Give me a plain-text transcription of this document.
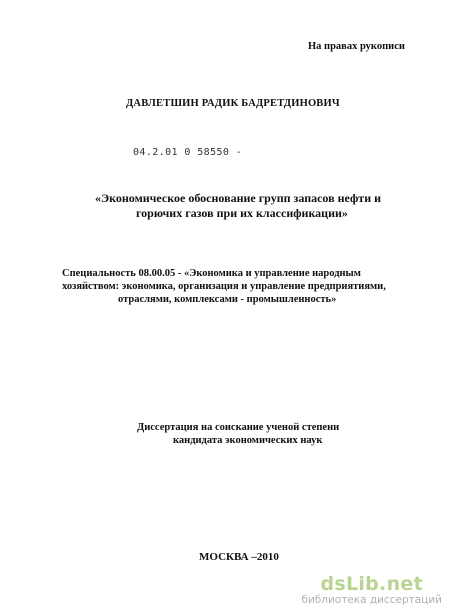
На правах рукописи
ДАВЛЕТШИН РАДИК БАДРЕТДИНОВИЧ
04.2.01 0 58550 -
«Экономическое обоснование групп запасов нефти и
горючих газов при их классификации»
Специальность 08.00.05 - «Экономика и управление народным
хозяйством: экономика, организация и управление предприятиями,
отраслями, комплексами - промышленность»
Диссертация на соискание ученой степени
кандидата экономических наук
МОСКВА –2010
dsLib.net
библиотека диссертаций
